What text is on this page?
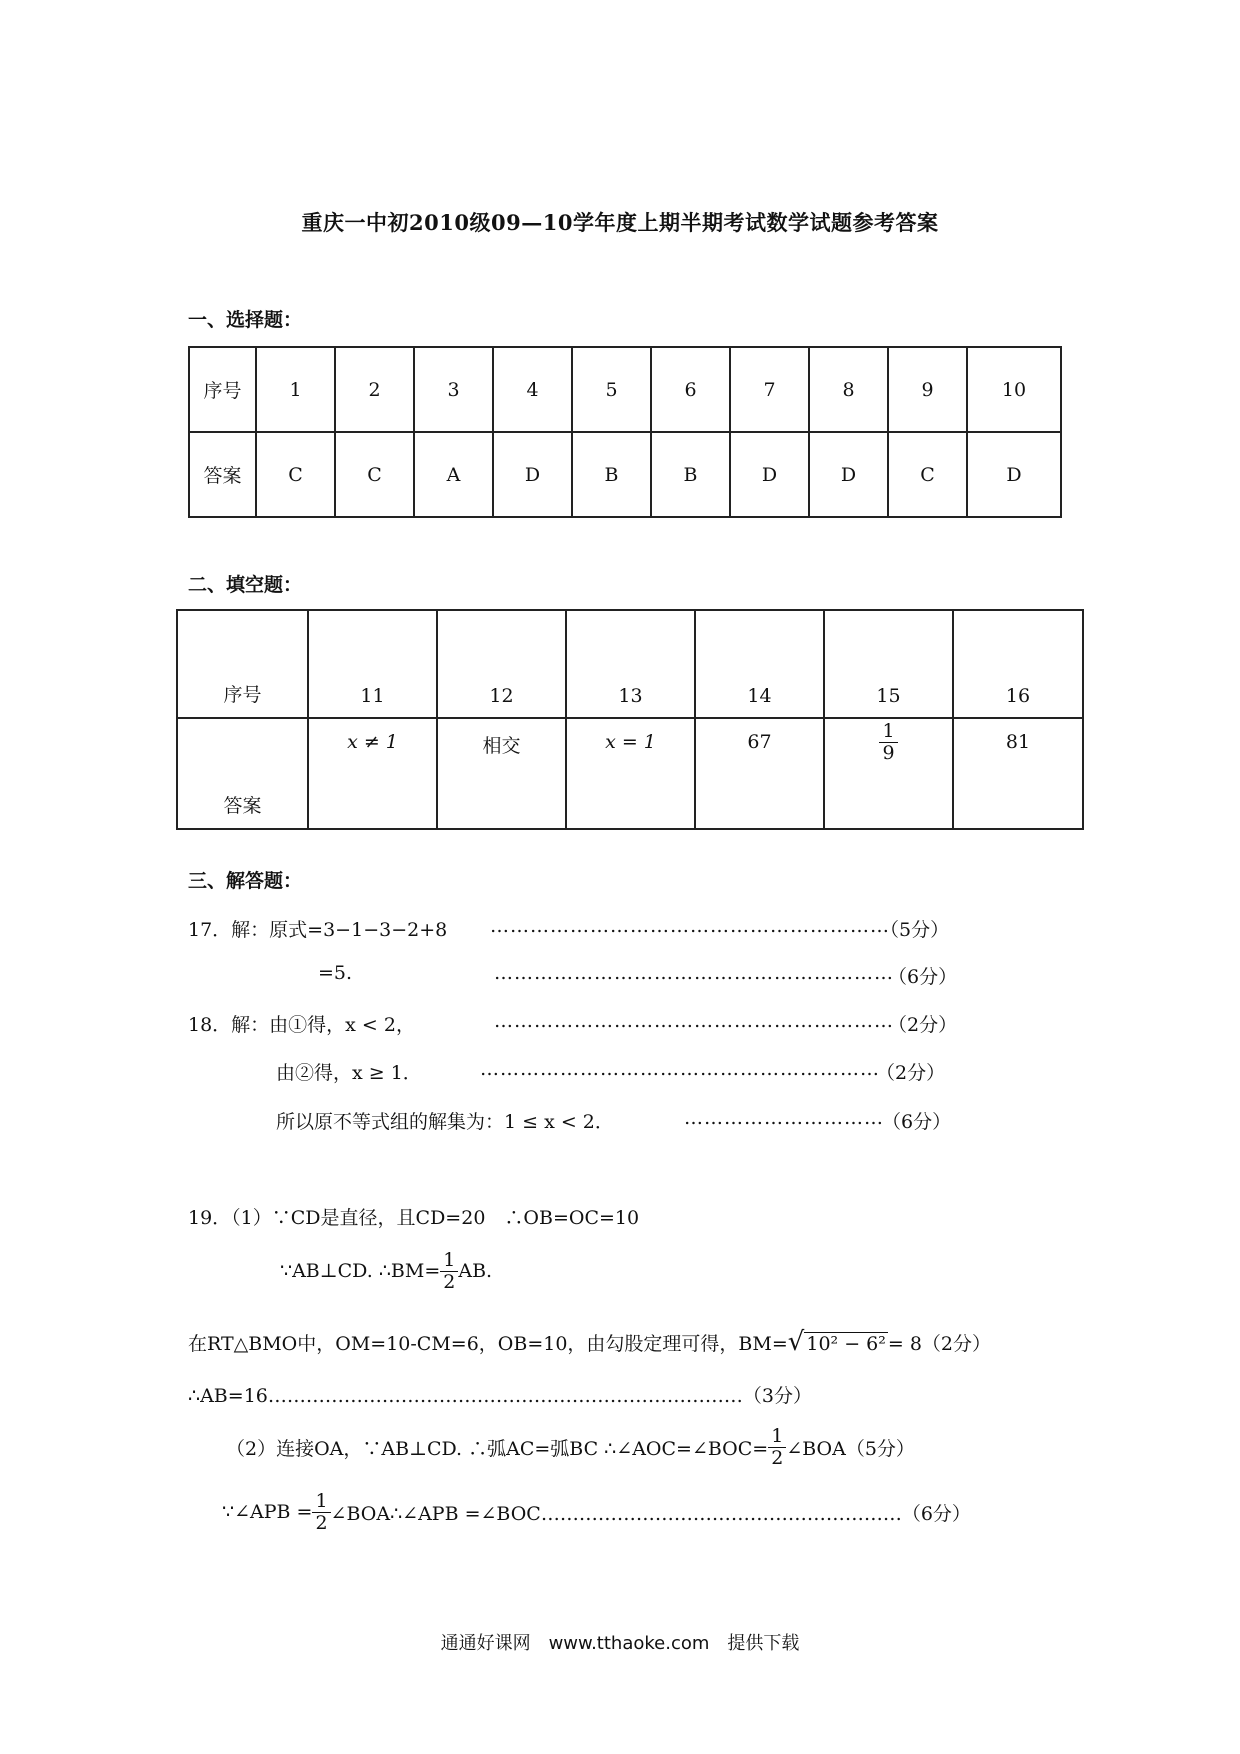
重庆一中初2010级09—10学年度上期半期考试数学试题参考答案
一、选择题：
序号	1	2	3	4	5	6	7	8	9	10
答案	C	C	A	D	B	B	D	D	C	D
二、填空题：
序号	11	12	13	14	15	16
答案	x ≠ 1	相交	x = 1	67	$\frac{1}{9}$	81
三、解答题：
17．解：原式=3−1−3−2+8 ……………………………………………………
（5分）
=5.	……………………………………………………
（6分）
18．解：由①得，x < 2，	……………………………………………………
（2分）
由②得，x ≥ 1．	……………………………………………………
（2分）
所以原不等式组的解集为：1 ≤ x < 2．	…………………………
（6分）
19．（1）∵CD是直径，且CD=20　∴OB=OC=10
∵AB⊥CD. ∴BM= $\frac{1}{2}$ AB.
在RT△BMO中，OM=10-CM=6，OB=10，由勾股定理可得，BM= √ 10² − 6² = 8（2分）
∴AB=16…………………………………………………………………（3分）
（2）连接OA，∵AB⊥CD. ∴弧AC=弧BC ∴∠AOC=∠BOC= $\frac{1}{2}$ ∠BOA（5分）
∵∠APB = $\frac{1}{2}$ ∠BOA∴∠APB =∠BOC…………………………………………………（6分）
通通好课网　www.tthaoke.com　提供下载
